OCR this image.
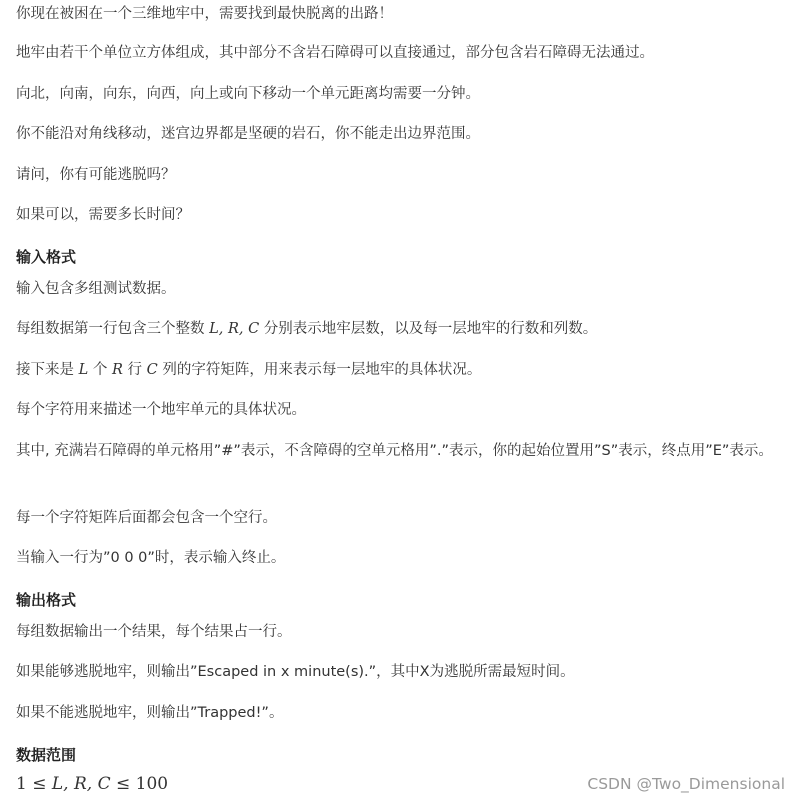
你现在被困在一个三维地牢中，需要找到最快脱离的出路！
地牢由若干个单位立方体组成，其中部分不含岩石障碍可以直接通过，部分包含岩石障碍无法通过。
向北，向南，向东，向西，向上或向下移动一个单元距离均需要一分钟。
你不能沿对角线移动，迷宫边界都是坚硬的岩石，你不能走出边界范围。
请问，你有可能逃脱吗？
如果可以，需要多长时间？
输入格式
输入包含多组测试数据。
每组数据第一行包含三个整数 L, R, C 分别表示地牢层数，以及每一层地牢的行数和列数。
接下来是 L 个 R 行 C 列的字符矩阵，用来表示每一层地牢的具体状况。
每个字符用来描述一个地牢单元的具体状况。
其中, 充满岩石障碍的单元格用”#”表示，不含障碍的空单元格用”.”表示，你的起始位置用”S”表示，终点用”E”表示。
每一个字符矩阵后面都会包含一个空行。
当输入一行为”0 0 0”时，表示输入终止。
输出格式
每组数据输出一个结果，每个结果占一行。
如果能够逃脱地牢，则输出”Escaped in x minute(s).”，其中X为逃脱所需最短时间。
如果不能逃脱地牢，则输出”Trapped!”。
数据范围
1 ≤ L, R, C ≤ 100	CSDN @Two_Dimensional
